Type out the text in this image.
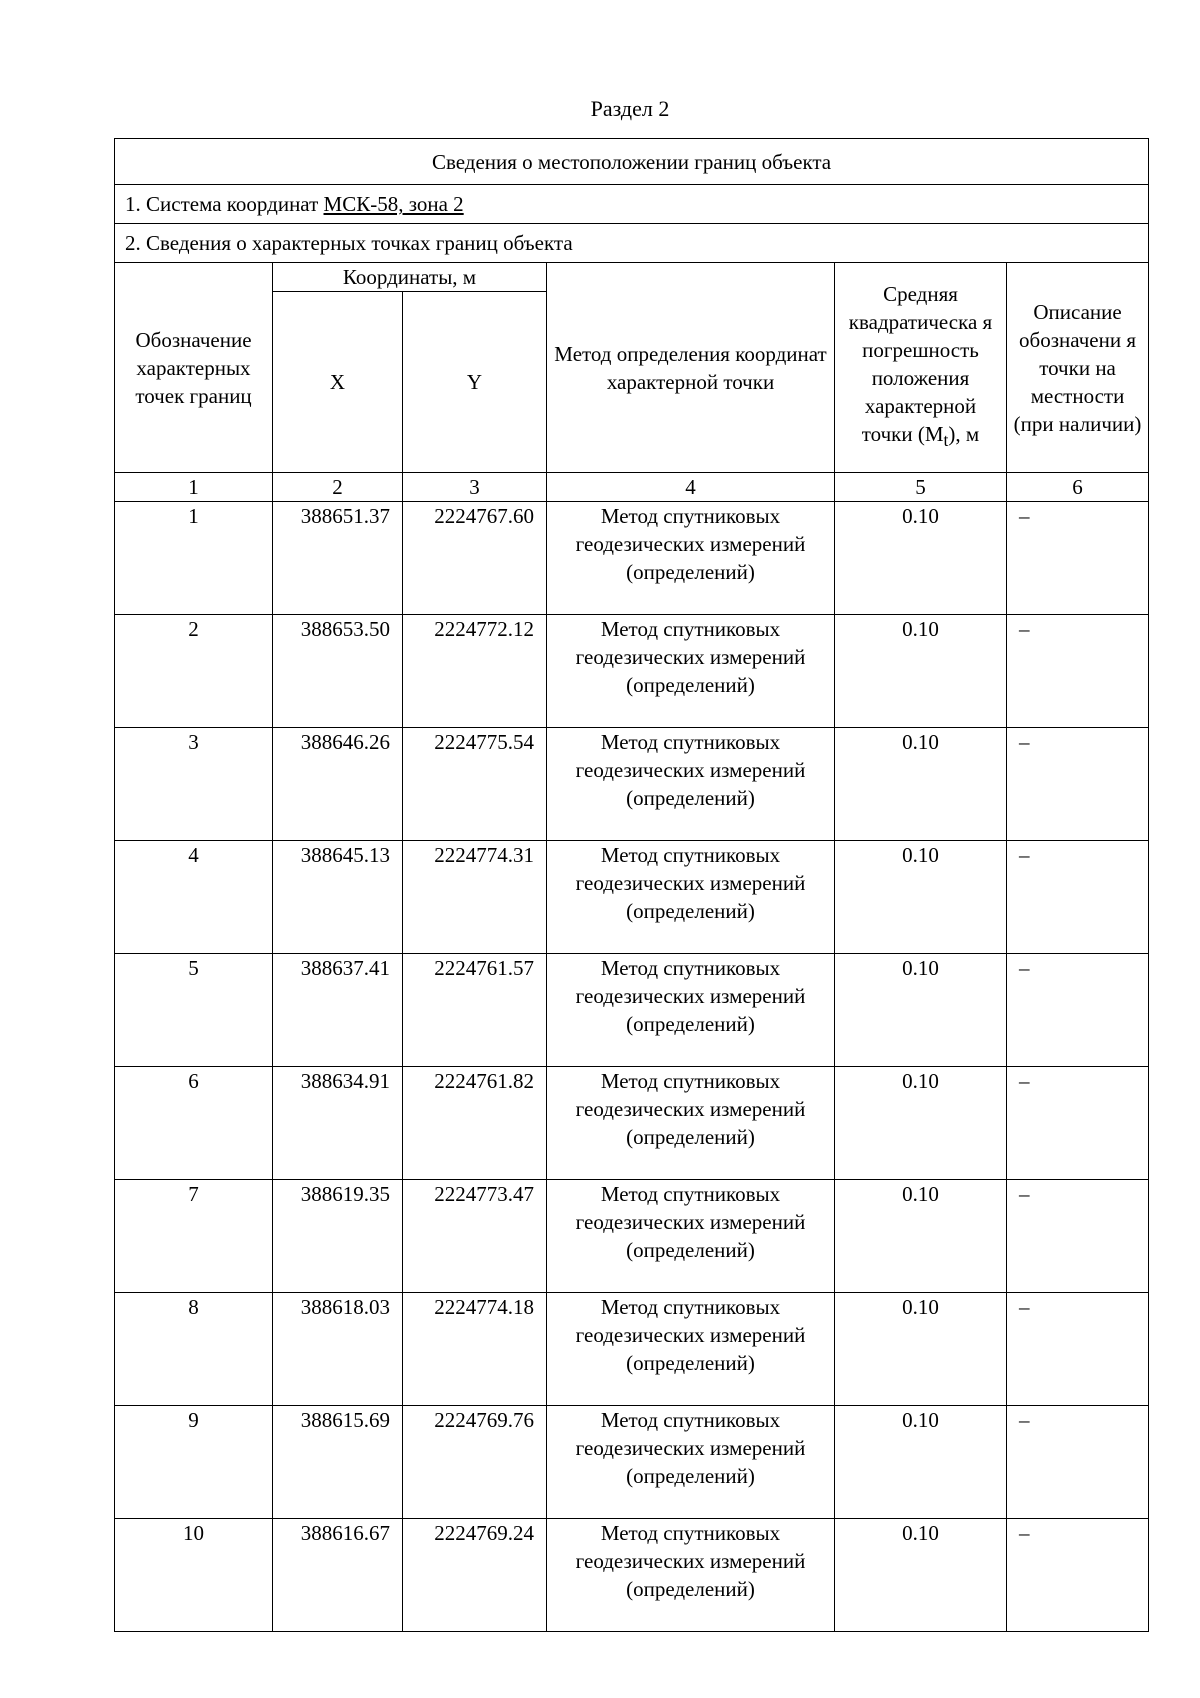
Раздел 2
Сведения о местоположении границ объекта					
1. Система координат МСК-58, зона 2					
2. Сведения о характерных точках границ объекта					
Обозначение характерных точек границ	Координаты, м		Метод определения координат характерной точки	Средняя квадратическа я погрешность положения характерной точки $(M_t)$, м	Описание обозначени я точки на местности (при наличии)
	X	Y			
1	2	3	4	5	6
1	388651.37	2224767.60	Метод спутниковых геодезических измерений (определений)	0.10	–
2	388653.50	2224772.12	Метод спутниковых геодезических измерений (определений)	0.10	–
3	388646.26	2224775.54	Метод спутниковых геодезических измерений (определений)	0.10	–
4	388645.13	2224774.31	Метод спутниковых геодезических измерений (определений)	0.10	–
5	388637.41	2224761.57	Метод спутниковых геодезических измерений (определений)	0.10	–
6	388634.91	2224761.82	Метод спутниковых геодезических измерений (определений)	0.10	–
7	388619.35	2224773.47	Метод спутниковых геодезических измерений (определений)	0.10	–
8	388618.03	2224774.18	Метод спутниковых геодезических измерений (определений)	0.10	–
9	388615.69	2224769.76	Метод спутниковых геодезических измерений (определений)	0.10	–
10	388616.67	2224769.24	Метод спутниковых геодезических измерений (определений)	0.10	–
